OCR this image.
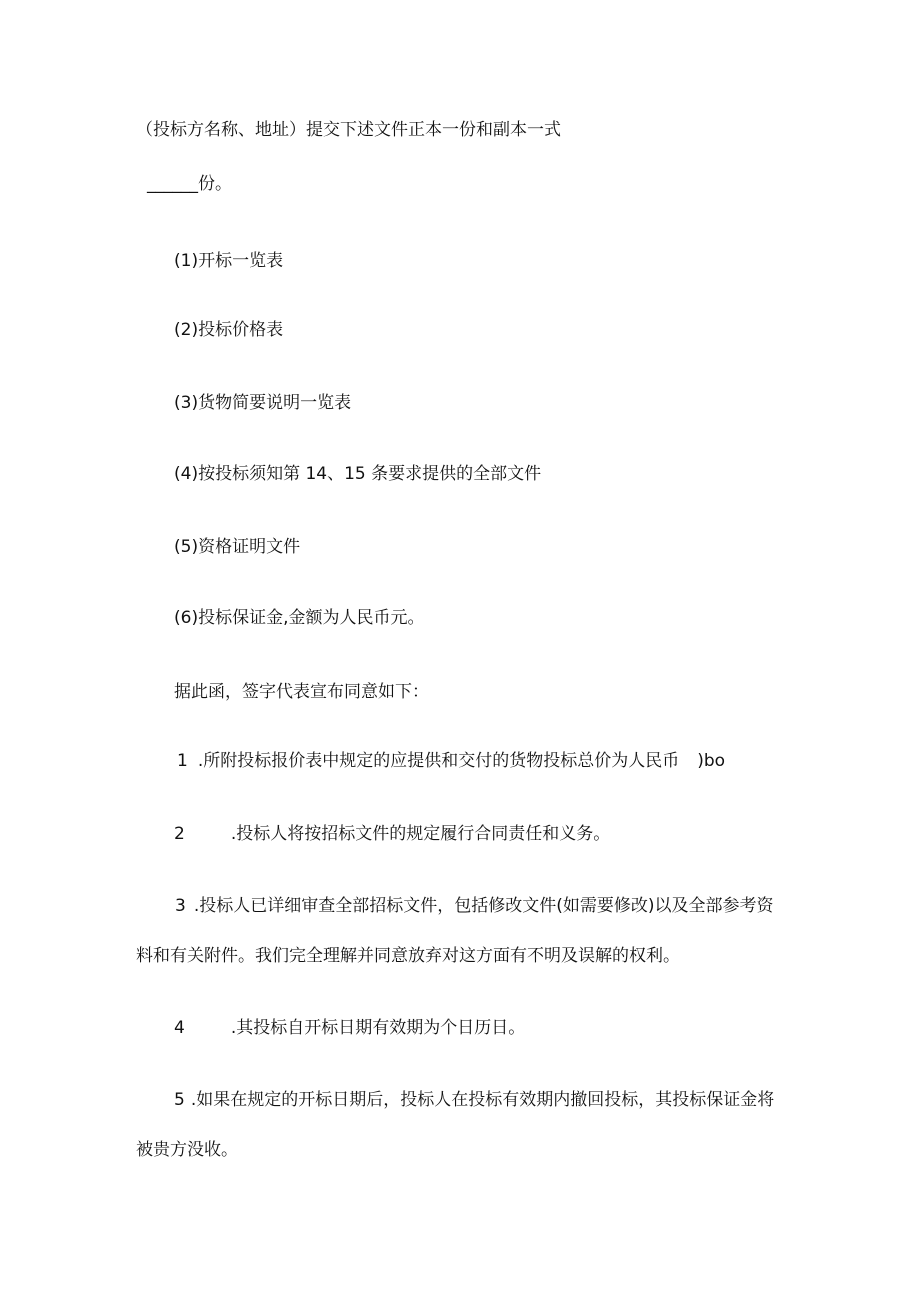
（投标方名称、地址）提交下述文件正本一份和副本一式
______份。
(1)开标一览表
(2)投标价格表
(3)货物简要说明一览表
(4)按投标须知第 14、15 条要求提供的全部文件
(5)资格证明文件
(6)投标保证金,金额为人民币元。
据此函，签字代表宣布同意如下：
1 .所附投标报价表中规定的应提供和交付的货物投标总价为人民币 )bo
2	.投标人将按招标文件的规定履行合同责任和义务。
3 .投标人已详细审查全部招标文件，包括修改文件(如需要修改)以及全部参考资
料和有关附件。我们完全理解并同意放弃对这方面有不明及误解的权利。
4	.其投标自开标日期有效期为个日历日。
5 .如果在规定的开标日期后，投标人在投标有效期内撤回投标，其投标保证金将
被贵方没收。
